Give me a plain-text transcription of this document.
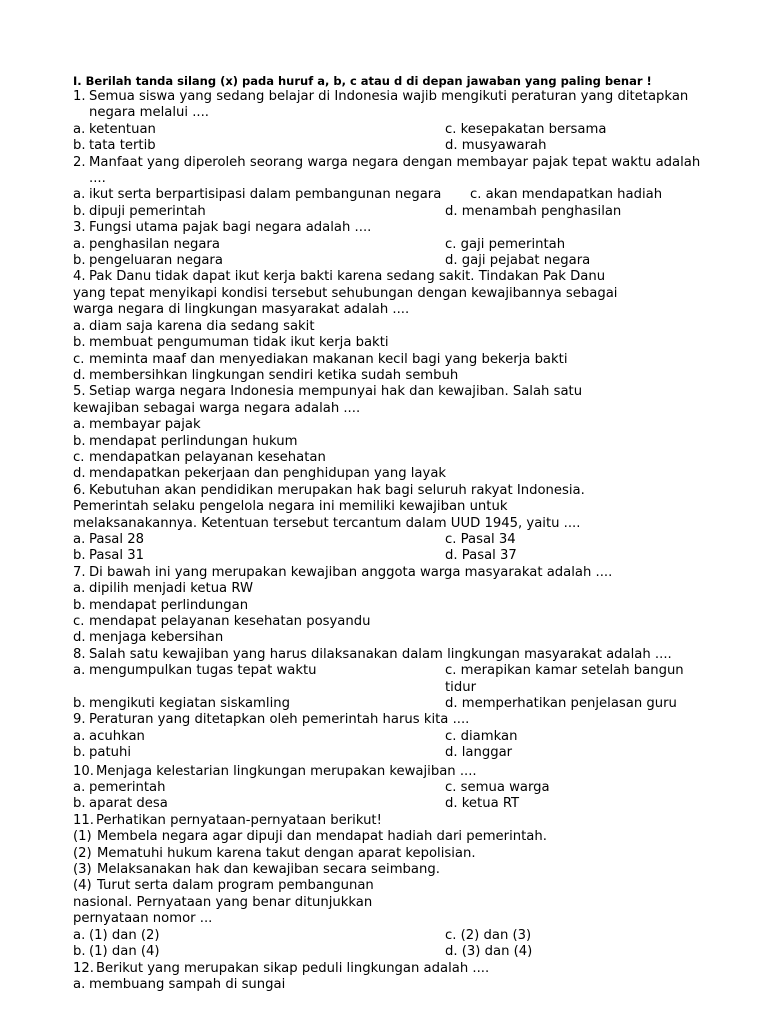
I. Berilah tanda silang (x) pada huruf a, b, c atau d di depan jawaban yang paling benar !
1. Semua siswa yang sedang belajar di Indonesia wajib mengikuti peraturan yang ditetapkan negara melalui ....
a. ketentuan	c. kesepakatan bersama
b. tata tertib	d. musyawarah
2. Manfaat yang diperoleh seorang warga negara dengan membayar pajak tepat waktu adalah ....
a. ikut serta berpartisipasi dalam pembangunan negara	c. akan mendapatkan hadiah
b. dipuji pemerintah	d. menambah penghasilan
3. Fungsi utama pajak bagi negara adalah ....
a. penghasilan negara	c. gaji pemerintah
b. pengeluaran negara	d. gaji pejabat negara
4. Pak Danu tidak dapat ikut kerja bakti karena sedang sakit. Tindakan Pak Danu
yang tepat menyikapi kondisi tersebut sehubungan dengan kewajibannya sebagai
warga negara di lingkungan masyarakat adalah ....
a. diam saja karena dia sedang sakit
b. membuat pengumuman tidak ikut kerja bakti
c. meminta maaf dan menyediakan makanan kecil bagi yang bekerja bakti
d. membersihkan lingkungan sendiri ketika sudah sembuh
5. Setiap warga negara Indonesia mempunyai hak dan kewajiban. Salah satu
kewajiban sebagai warga negara adalah ....
a. membayar pajak
b. mendapat perlindungan hukum
c. mendapatkan pelayanan kesehatan
d. mendapatkan pekerjaan dan penghidupan yang layak
6. Kebutuhan akan pendidikan merupakan hak bagi seluruh rakyat Indonesia.
Pemerintah selaku pengelola negara ini memiliki kewajiban untuk
melaksanakannya. Ketentuan tersebut tercantum dalam UUD 1945, yaitu ....
a. Pasal 28	c. Pasal 34
b. Pasal 31	d. Pasal 37
7. Di bawah ini yang merupakan kewajiban anggota warga masyarakat adalah ....
a. dipilih menjadi ketua RW
b. mendapat perlindungan
c. mendapat pelayanan kesehatan posyandu
d. menjaga kebersihan
8. Salah satu kewajiban yang harus dilaksanakan dalam lingkungan masyarakat adalah ....
a. mengumpulkan tugas tepat waktu	c. merapikan kamar setelah bangun tidur
b. mengikuti kegiatan siskamling	d. memperhatikan penjelasan guru
9. Peraturan yang ditetapkan oleh pemerintah harus kita ....
a. acuhkan	c. diamkan
b. patuhi	d. langgar
10. Menjaga kelestarian lingkungan merupakan kewajiban ....
a. pemerintah	c. semua warga
b. aparat desa	d. ketua RT
11. Perhatikan pernyataan-pernyataan berikut!
(1) Membela negara agar dipuji dan mendapat hadiah dari pemerintah.
(2) Mematuhi hukum karena takut dengan aparat kepolisian.
(3) Melaksanakan hak dan kewajiban secara seimbang.
(4) Turut serta dalam program pembangunan
nasional. Pernyataan yang benar ditunjukkan
pernyataan nomor ...
a. (1) dan (2)	c. (2) dan (3)
b. (1) dan (4)	d. (3) dan (4)
12. Berikut yang merupakan sikap peduli lingkungan adalah ....
a. membuang sampah di sungai
